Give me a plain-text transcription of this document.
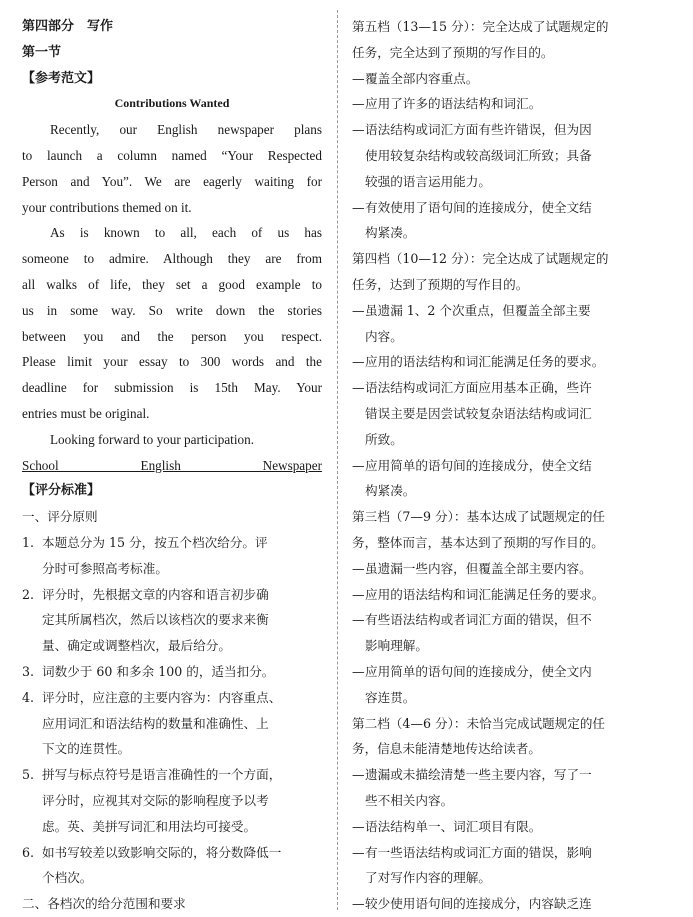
第四部分　写作
第一节
【参考范文】
Contributions Wanted
Recently, our English newspaper plans
to launch a column named “Your Respected
Person and You”. We are eagerly waiting for
your contributions themed on it.
As is known to all, each of us has
someone to admire. Although they are from
all walks of life, they set a good example to
us in some way. So write down the stories
between you and the person you respect.
Please limit your essay to 300 words and the
deadline for submission is 15th May. Your
entries must be original.
Looking forward to your participation.
School English Newspaper
【评分标准】
一、评分原则
1. 本题总分为 15 分，按五个档次给分。评
分时可参照高考标准。
2. 评分时，先根据文章的内容和语言初步确
定其所属档次，然后以该档次的要求来衡
量、确定或调整档次，最后给分。
3. 词数少于 60 和多余 100 的，适当扣分。
4. 评分时，应注意的主要内容为：内容重点、
应用词汇和语法结构的数量和准确性、上
下文的连贯性。
5. 拼写与标点符号是语言准确性的一个方面，
评分时，应视其对交际的影响程度予以考
虑。英、美拼写词汇和用法均可接受。
6. 如书写较差以致影响交际的，将分数降低一
个档次。
二、各档次的给分范围和要求
第五档（13—15 分）：完全达成了试题规定的
任务，完全达到了预期的写作目的。
— 覆盖全部内容重点。
— 应用了许多的语法结构和词汇。
— 语法结构或词汇方面有些许错误，但为因
使用较复杂结构或较高级词汇所致；具备
较强的语言运用能力。
— 有效使用了语句间的连接成分，使全文结
构紧凑。
第四档（10—12 分）：完全达成了试题规定的
任务，达到了预期的写作目的。
— 虽遗漏 1、2 个次重点，但覆盖全部主要
内容。
— 应用的语法结构和词汇能满足任务的要求。
— 语法结构或词汇方面应用基本正确，些许
错误主要是因尝试较复杂语法结构或词汇
所致。
— 应用简单的语句间的连接成分，使全文结
构紧凑。
第三档（7—9 分）：基本达成了试题规定的任
务，整体而言，基本达到了预期的写作目的。
— 虽遗漏一些内容，但覆盖全部主要内容。
— 应用的语法结构和词汇能满足任务的要求。
— 有些语法结构或者词汇方面的错误，但不
影响理解。
— 应用简单的语句间的连接成分，使全文内
容连贯。
第二档（4—6 分）：未恰当完成试题规定的任
务，信息未能清楚地传达给读者。
— 遗漏或未描绘清楚一些主要内容，写了一
些不相关内容。
— 语法结构单一、词汇项目有限。
— 有一些语法结构或词汇方面的错误，影响
了对写作内容的理解。
— 较少使用语句间的连接成分，内容缺乏连
